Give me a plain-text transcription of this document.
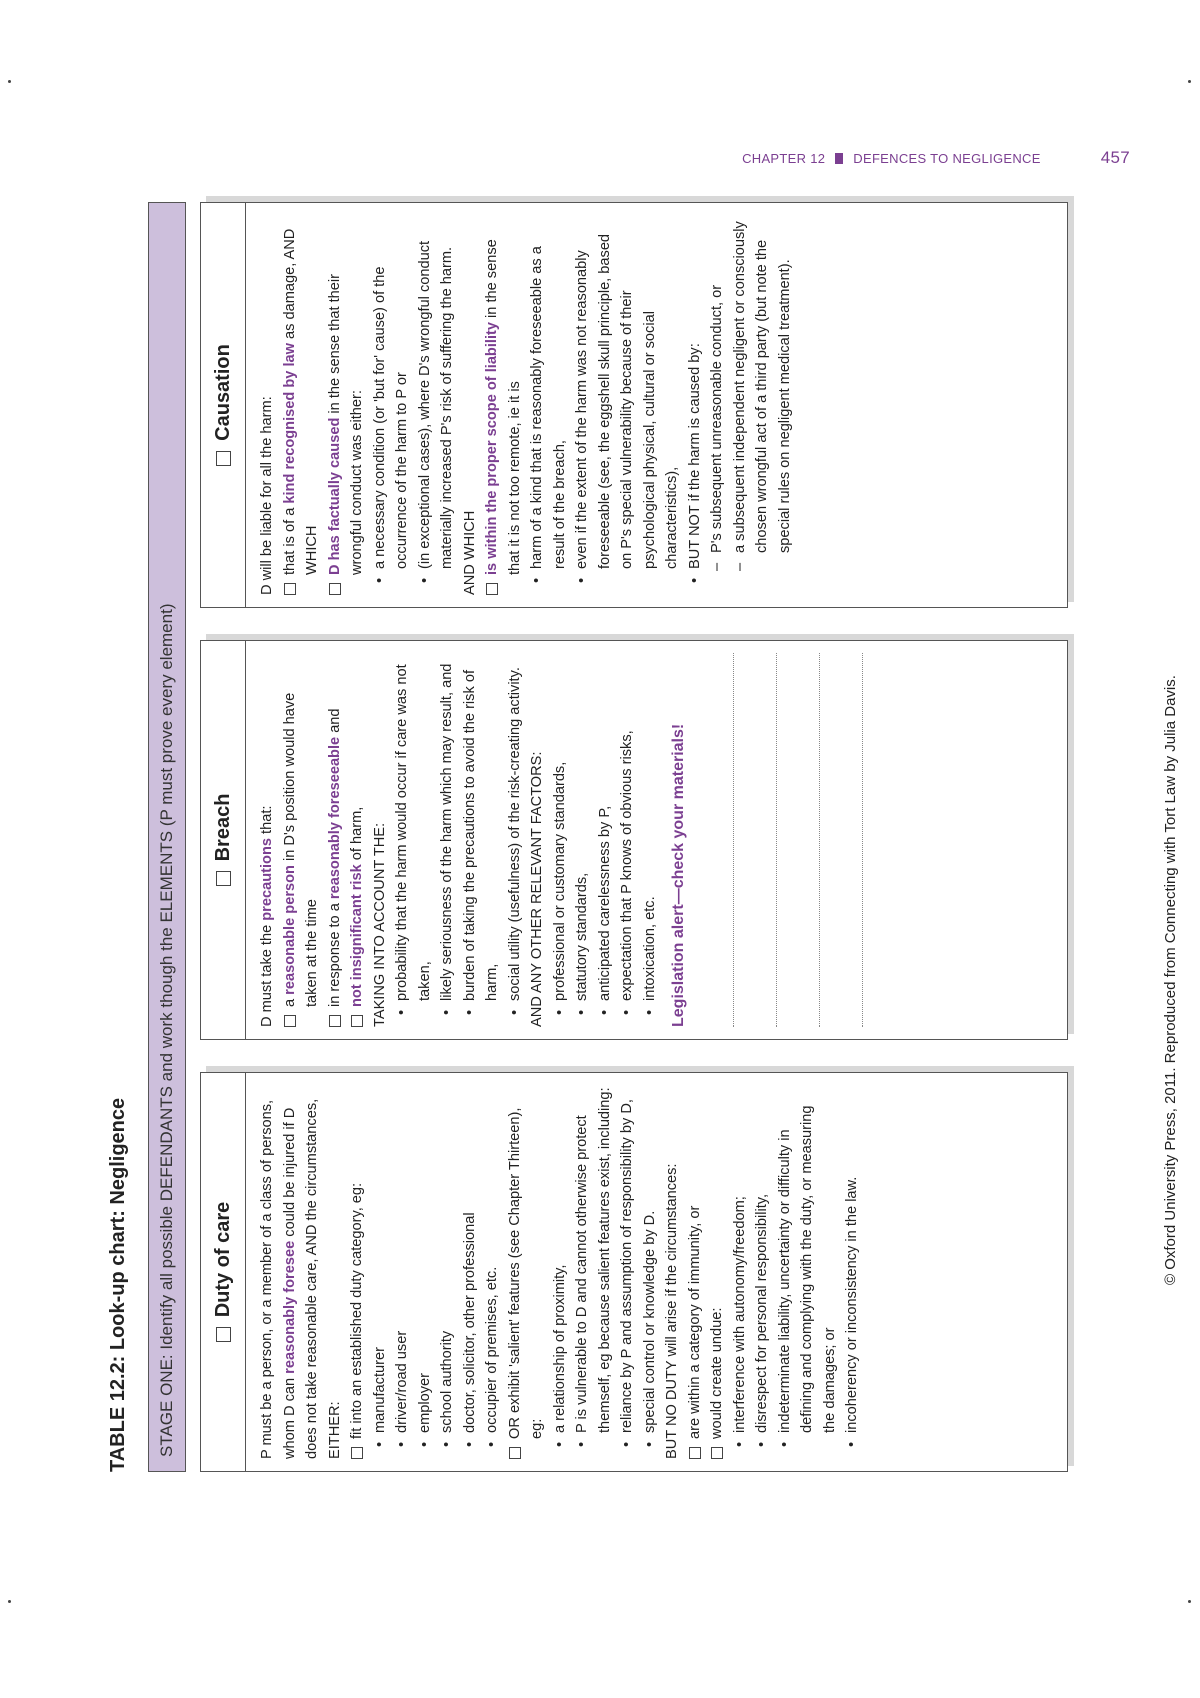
CHAPTER 12 DEFENCES TO NEGLIGENCE	457
TABLE 12.2: Look-up chart: Negligence	STAGE ONE: Identify all possible DEFENDANTS and work though the ELEMENTS (P must prove every element)	Duty of care P must be a person, or a member of a class of persons, whom D can reasonably foresee could be injured if D does not take reasonable care, AND the circumstances, EITHER: fit into an established duty category, eg: • manufacturer • driver/road user • employer • school authority • doctor, solicitor, other professional • occupier of premises, etc. OR exhibit 'salient' features (see Chapter Thirteen), eg: • a relationship of proximity, • P is vulnerable to D and cannot otherwise protect themself, eg because salient features exist, including: • reliance by P and assumption of responsibility by D, • special control or knowledge by D. BUT NO DUTY will arise if the circumstances: are within a category of immunity, or would create undue: • interference with autonomy/freedom; • disrespect for personal responsibility, • indeterminate liability, uncertainty or difficulty in defining and complying with the duty, or measuring the damages; or • incoherency or inconsistency in the law.
Breach

D must take the precautions that:

a reasonable person in D's position would have taken at the time in response to a reasonably foreseeable and
not insignificant risk of harm, TAKING INTO ACCOUNT THE: • probability that the harm would occur if care was not taken, • likely seriousness of the harm which may result, and • burden of taking the precautions to avoid the risk of harm, • social utility (usefulness) of the risk-creating activity. AND ANY OTHER RELEVANT FACTORS: • professional or customary standards, • statutory standards, • anticipated carelessness by P, • expectation that P knows of obvious risks, • intoxication, etc. Legislation alert—check your materials!

Causation

D will be liable for all the harm: that is of a kind recognised by law as damage, AND WHICH D has factually caused in the sense that their wrongful conduct was either: • a necessary condition (or 'but for' cause) of the occurrence of the harm to P or • (in exceptional cases), where D's wrongful conduct materially increased P's risk of suffering the harm. AND WHICH is within the proper scope of liability in the sense that it is not too remote, ie it is • harm of a kind that is reasonably foreseeable as a result of the breach, • even if the extent of the harm was not reasonably foreseeable (see, the eggshell skull principle, based on P's special vulnerability because of their psychological physical, cultural or social characteristics), • BUT NOT if the harm is caused by: – P's subsequent unreasonable conduct, or – a subsequent independent negligent or consciously chosen wrongful act of a third party (but note the special rules on negligent medical treatment).
© Oxford University Press, 2011. Reproduced from Connecting with Tort Law by Julia Davis.
